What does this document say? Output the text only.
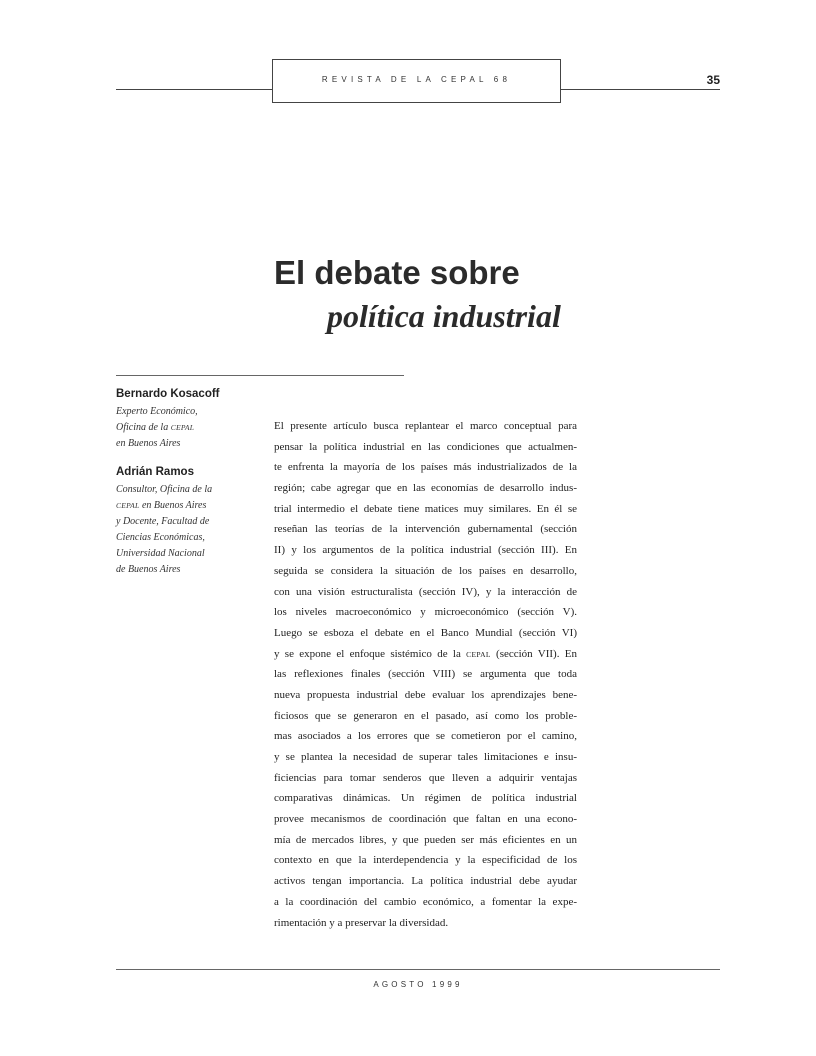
REVISTA DE LA CEPAL 68	35
El debate sobre
política industrial
Bernardo Kosacoff
Experto Económico,
Oficina de la CEPAL
en Buenos Aires
Adrián Ramos
Consultor, Oficina de la
CEPAL en Buenos Aires
y Docente, Facultad de
Ciencias Económicas,
Universidad Nacional
de Buenos Aires
El presente artículo busca replantear el marco conceptual para
pensar la política industrial en las condiciones que actualmen-
te enfrenta la mayoría de los países más industrializados de la
región; cabe agregar que en las economías de desarrollo indus-
trial intermedio el debate tiene matices muy similares. En él se
reseñan las teorías de la intervención gubernamental (sección
II) y los argumentos de la política industrial (sección III). En
seguida se considera la situación de los países en desarrollo,
con una visión estructuralista (sección IV), y la interacción de
los niveles macroeconómico y microeconómico (sección V).
Luego se esboza el debate en el Banco Mundial (sección VI)
y se expone el enfoque sistémico de la CEPAL (sección VII). En
las reflexiones finales (sección VIII) se argumenta que toda
nueva propuesta industrial debe evaluar los aprendizajes bene-
ficiosos que se generaron en el pasado, así como los proble-
mas asociados a los errores que se cometieron por el camino,
y se plantea la necesidad de superar tales limitaciones e insu-
ficiencias para tomar senderos que lleven a adquirir ventajas
comparativas dinámicas. Un régimen de política industrial
provee mecanismos de coordinación que faltan en una econo-
mía de mercados libres, y que pueden ser más eficientes en un
contexto en que la interdependencia y la especificidad de los
activos tengan importancia. La política industrial debe ayudar
a la coordinación del cambio económico, a fomentar la expe-
rimentación y a preservar la diversidad.
AGOSTO 1999
